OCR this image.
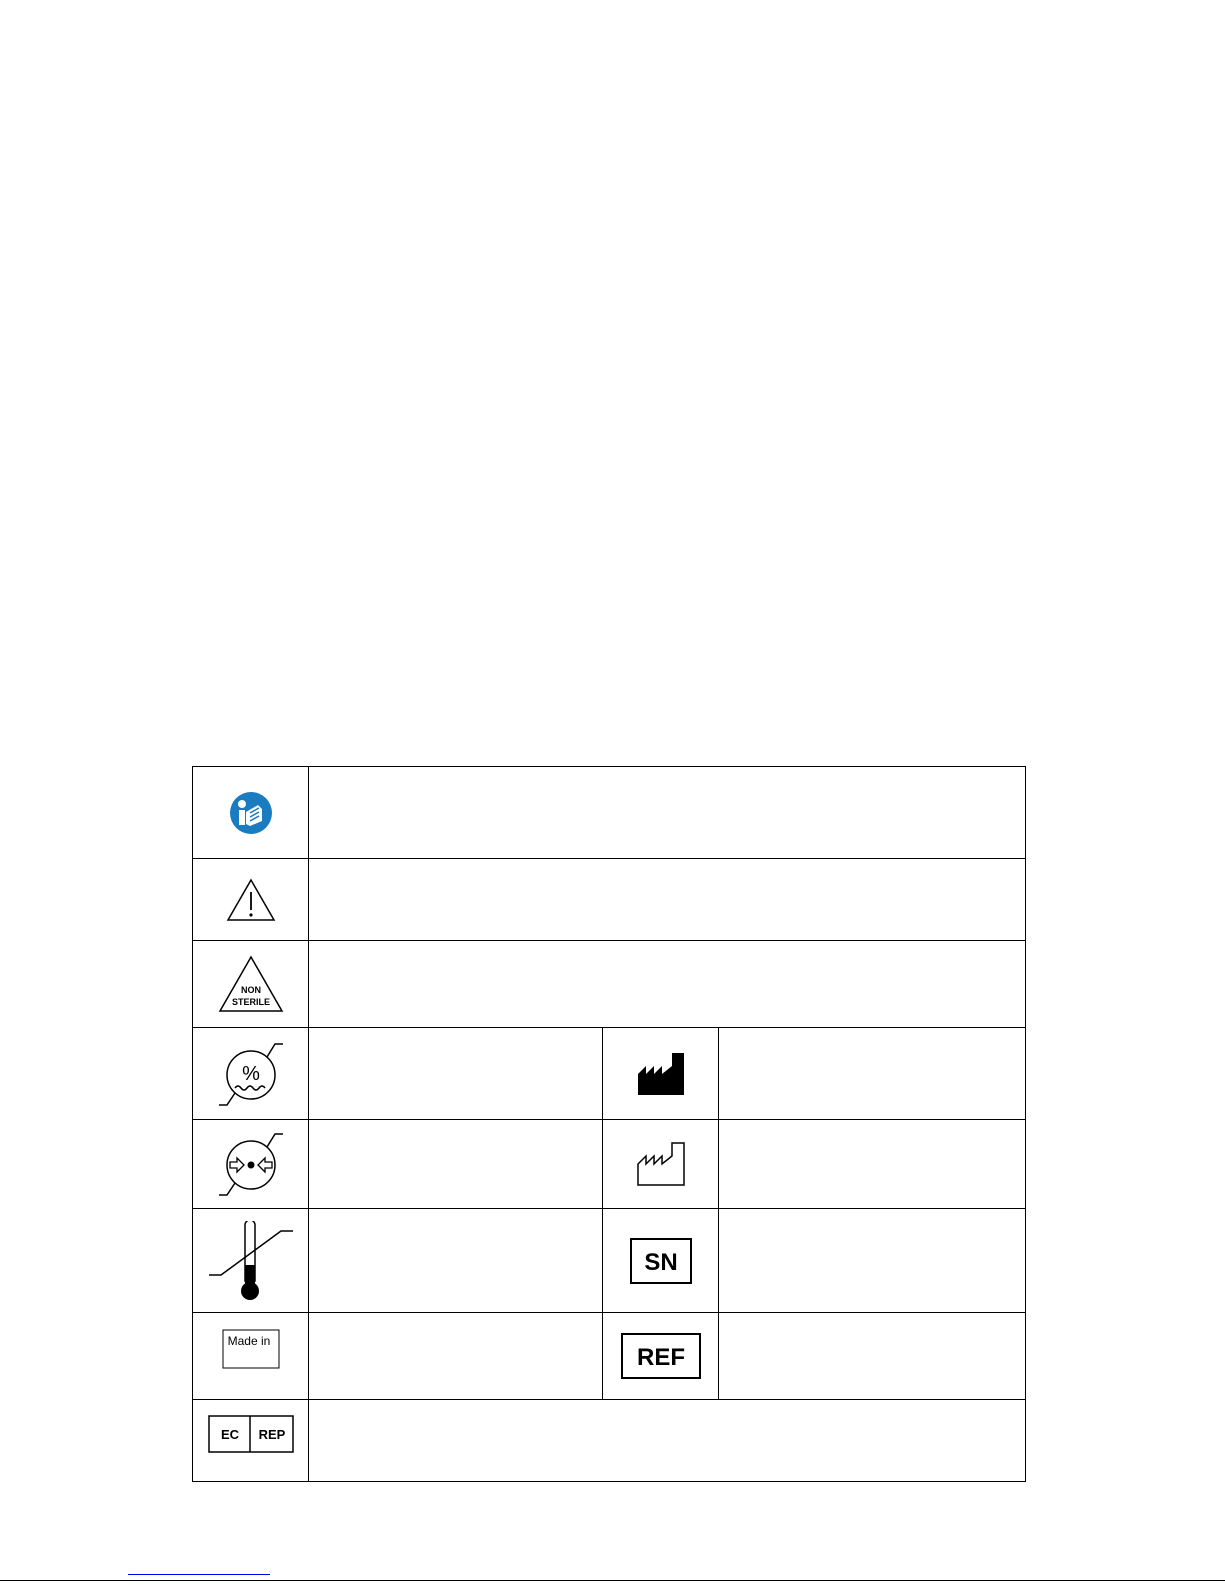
NON
STERILE
%
SN
Made in
REF
EC REP
